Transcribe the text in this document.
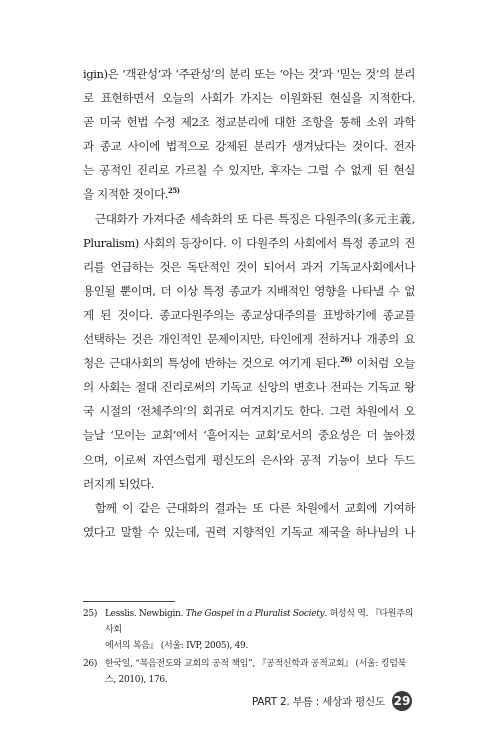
igin)은 ‘객관성’과 ‘주관성’의 분리 또는 ‘아는 것’과 ‘믿는 것’의 분리
로 표현하면서 오늘의 사회가 가지는 이원화된 현실을 지적한다.
곧 미국 헌법 수정 제2조 정교분리에 대한 조항을 통해 소위 과학
과 종교 사이에 법적으로 강제된 분리가 생겨났다는 것이다. 전자
는 공적인 진리로 가르칠 수 있지만, 후자는 그럴 수 없게 된 현실
을 지적한 것이다.$^{25)}$

근대화가 가져다준 세속화의 또 다른 특징은 다원주의(多元主義,
Pluralism) 사회의 등장이다. 이 다원주의 사회에서 특정 종교의 진
리를 언급하는 것은 독단적인 것이 되어서 과거 기독교사회에서나
용인될 뿐이며, 더 이상 특정 종교가 지배적인 영향을 나타낼 수 없
게 된 것이다. 종교다원주의는 종교상대주의를 표방하기에 종교를
선택하는 것은 개인적인 문제이지만, 타인에게 전하거나 개종의 요
청은 근대사회의 특성에 반하는 것으로 여기게 된다.$^{26)}$ 이처럼 오늘
의 사회는 절대 진리로써의 기독교 신앙의 변호나 전파는 기독교 왕
국 시절의 ‘전체주의’의 회귀로 여겨지기도 한다. 그런 차원에서 오
늘날 ‘모이는 교회’에서 ‘흩어지는 교회’로서의 중요성은 더 높아졌
으며, 이로써 자연스럽게 평신도의 은사와 공적 기능이 보다 두드
러지게 되었다.

함께 이 같은 근대화의 결과는 또 다른 차원에서 교회에 기여하
였다고 말할 수 있는데, 권력 지향적인 기독교 제국을 하나님의 나

25) Lesslis. Newbigin. The Gospel in a Pluralist Society. 허성식 역. 『다원주의 사회
에서의 복음』 (서울: IVP, 2005), 49.

26) 한국일, “복음전도와 교회의 공적 책임”, 『공적신학과 공적교회』 (서울: 킹덤북
스, 2010), 176.

PART 2. 부름 : 세상과 평신도 29
